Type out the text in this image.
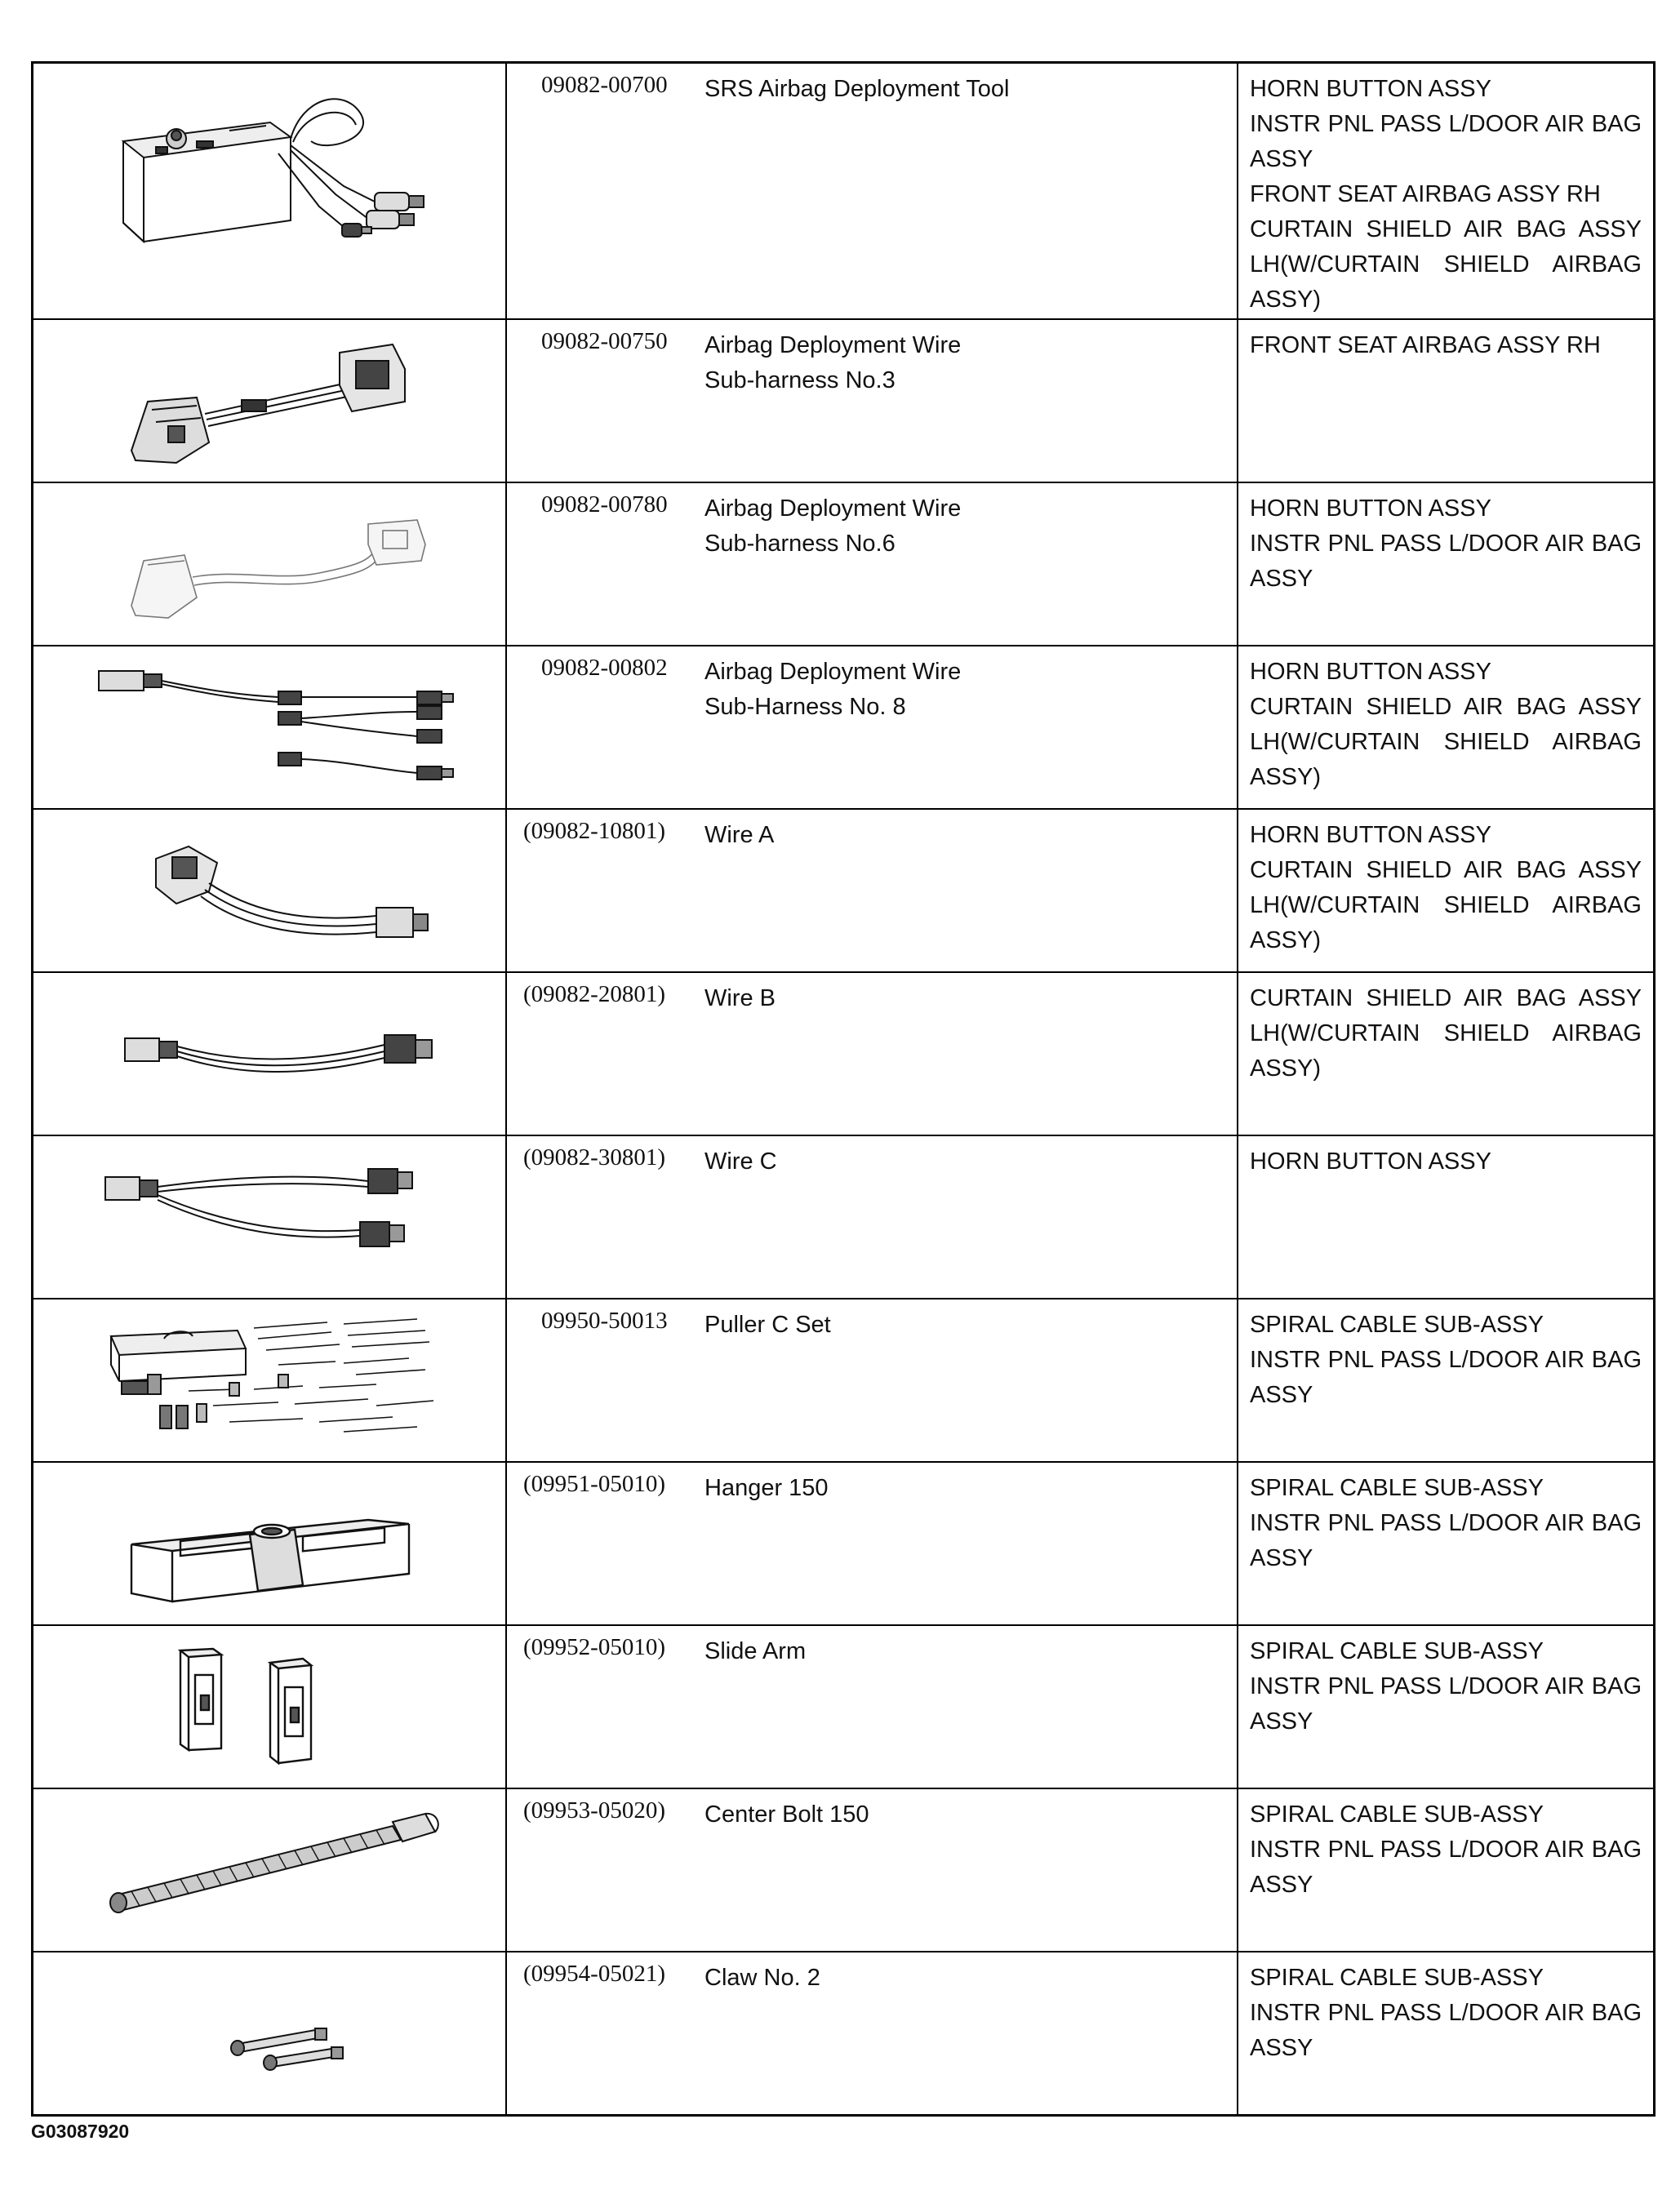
09082-00700	SRS Airbag Deployment Tool	HORN BUTTON ASSY
INSTR PNL PASS L/DOOR AIR BAG ASSY
FRONT SEAT AIRBAG ASSY RH
CURTAIN SHIELD AIR BAG ASSY LH(W/CURTAIN SHIELD AIRBAG ASSY)

09082-00750	Airbag Deployment Wire
Sub-harness No.3	FRONT SEAT AIRBAG ASSY RH

09082-00780	Airbag Deployment Wire
Sub-harness No.6	HORN BUTTON ASSY
INSTR PNL PASS L/DOOR AIR BAG ASSY

09082-00802	Airbag Deployment Wire
Sub-Harness No. 8	HORN BUTTON ASSY
CURTAIN SHIELD AIR BAG ASSY LH(W/CURTAIN SHIELD AIRBAG ASSY)

(09082-10801)	Wire A	HORN BUTTON ASSY
CURTAIN SHIELD AIR BAG ASSY LH(W/CURTAIN SHIELD AIRBAG ASSY)

(09082-20801)	Wire B	CURTAIN SHIELD AIR BAG ASSY LH(W/CURTAIN SHIELD AIRBAG ASSY)

(09082-30801)	Wire C	HORN BUTTON ASSY

09950-50013	Puller C Set	SPIRAL CABLE SUB-ASSY
INSTR PNL PASS L/DOOR AIR BAG ASSY

(09951-05010)	Hanger 150	SPIRAL CABLE SUB-ASSY
INSTR PNL PASS L/DOOR AIR BAG ASSY

(09952-05010)	Slide Arm	SPIRAL CABLE SUB-ASSY
INSTR PNL PASS L/DOOR AIR BAG ASSY

(09953-05020)	Center Bolt 150	SPIRAL CABLE SUB-ASSY
INSTR PNL PASS L/DOOR AIR BAG ASSY

(09954-05021)	Claw No. 2	SPIRAL CABLE SUB-ASSY
INSTR PNL PASS L/DOOR AIR BAG ASSY
G03087920
